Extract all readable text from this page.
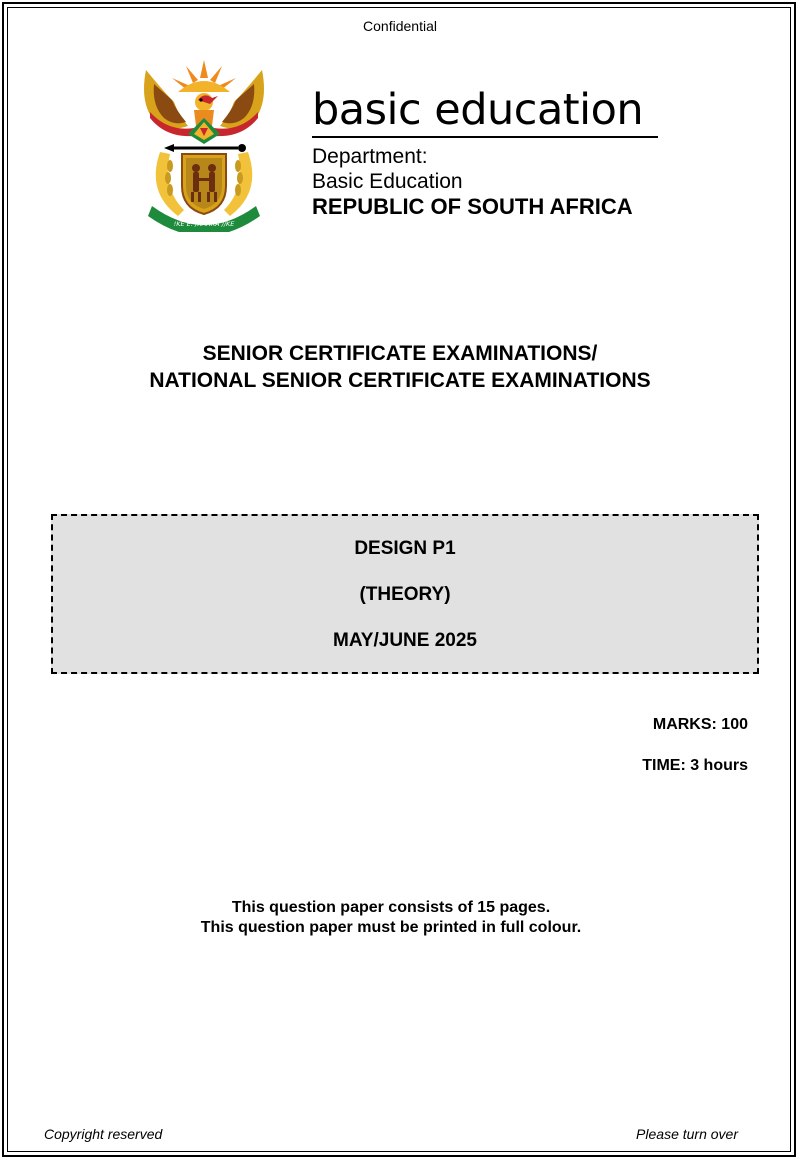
Confidential
!KE E: /XARRA //KE
basic education
Department:
Basic Education
REPUBLIC OF SOUTH AFRICA
SENIOR CERTIFICATE EXAMINATIONS/
NATIONAL SENIOR CERTIFICATE EXAMINATIONS
DESIGN P1
(THEORY)
MAY/JUNE 2025
MARKS: 100
TIME: 3 hours
This question paper consists of 15 pages.
This question paper must be printed in full colour.
Copyright reserved	Please turn over
